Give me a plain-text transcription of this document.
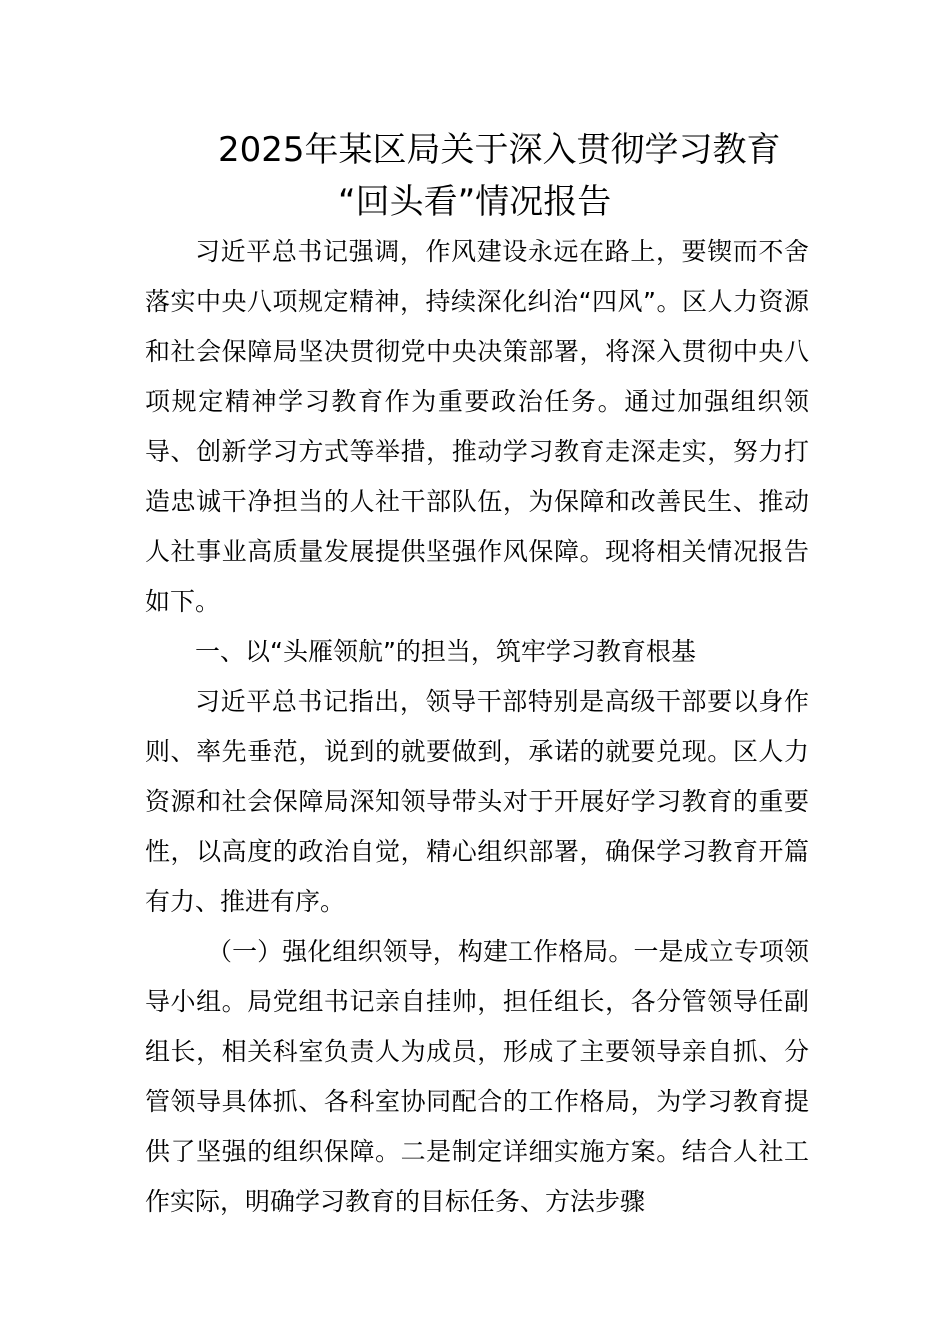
2025年某区局关于深入贯彻学习教育
“回头看”情况报告

习近平总书记强调，作风建设永远在路上，要锲而不舍落实中央八项规定精神，持续深化纠治“四风”。区人力资源和社会保障局坚决贯彻党中央决策部署，将深入贯彻中央八项规定精神学习教育作为重要政治任务。通过加强组织领导、创新学习方式等举措，推动学习教育走深走实，努力打造忠诚干净担当的人社干部队伍，为保障和改善民生、推动人社事业高质量发展提供坚强作风保障。现将相关情况报告如下。

一、以“头雁领航”的担当，筑牢学习教育根基

习近平总书记指出，领导干部特别是高级干部要以身作则、率先垂范，说到的就要做到，承诺的就要兑现。区人力资源和社会保障局深知领导带头对于开展好学习教育的重要性，以高度的政治自觉，精心组织部署，确保学习教育开篇有力、推进有序。

（一）强化组织领导，构建工作格局。一是成立专项领导小组。局党组书记亲自挂帅，担任组长，各分管领导任副组长，相关科室负责人为成员，形成了主要领导亲自抓、分管领导具体抓、各科室协同配合的工作格局，为学习教育提供了坚强的组织保障。二是制定详细实施方案。结合人社工作实际，明确学习教育的目标任务、方法步骤
